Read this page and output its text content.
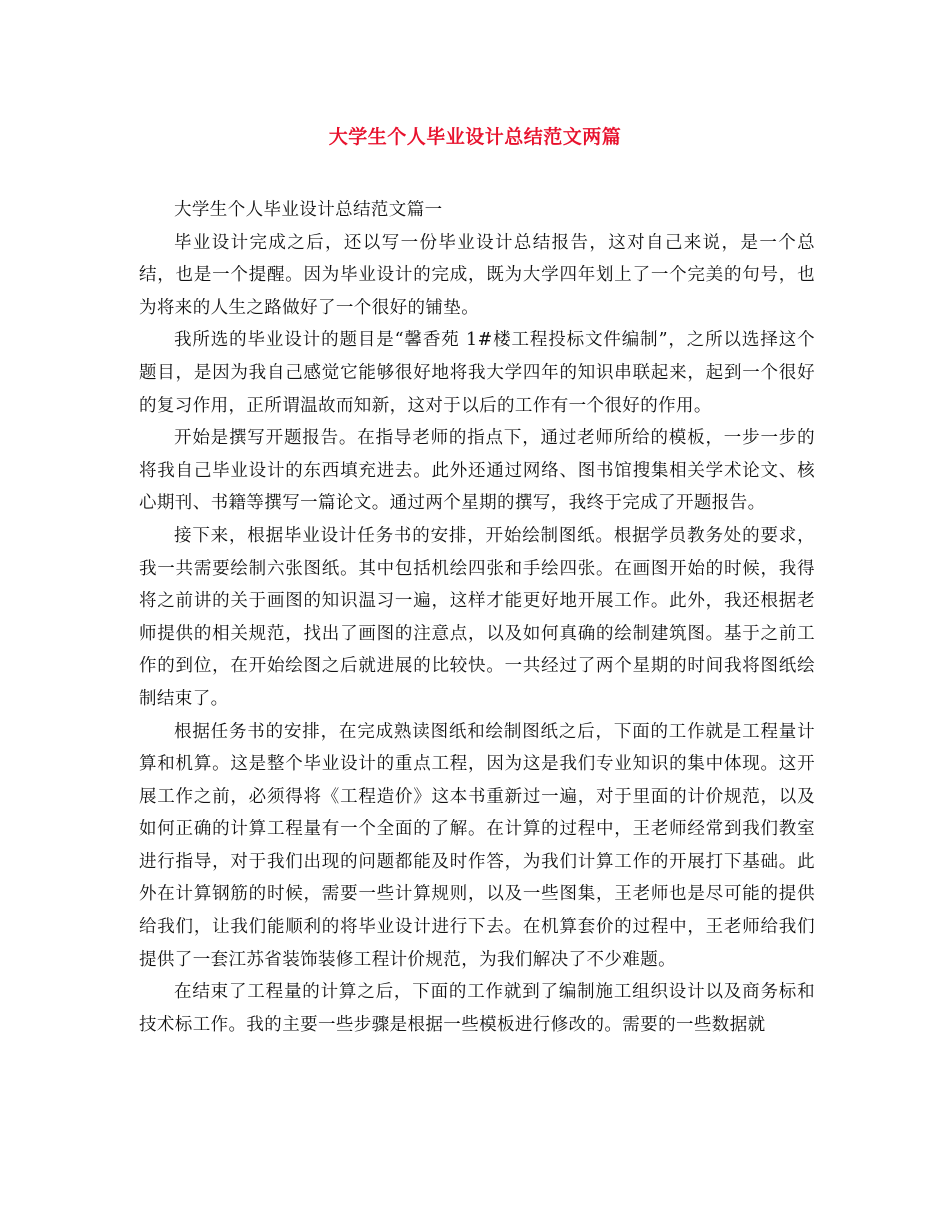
大学生个人毕业设计总结范文两篇

大学生个人毕业设计总结范文篇一

毕业设计完成之后，还以写一份毕业设计总结报告，这对自己来说，是一个总结，也是一个提醒。因为毕业设计的完成，既为大学四年划上了一个完美的句号，也为将来的人生之路做好了一个很好的铺垫。

我所选的毕业设计的题目是“馨香苑 1#楼工程投标文件编制”，之所以选择这个题目，是因为我自己感觉它能够很好地将我大学四年的知识串联起来，起到一个很好的复习作用，正所谓温故而知新，这对于以后的工作有一个很好的作用。

开始是撰写开题报告。在指导老师的指点下，通过老师所给的模板，一步一步的将我自己毕业设计的东西填充进去。此外还通过网络、图书馆搜集相关学术论文、核心期刊、书籍等撰写一篇论文。通过两个星期的撰写，我终于完成了开题报告。

接下来，根据毕业设计任务书的安排，开始绘制图纸。根据学员教务处的要求，我一共需要绘制六张图纸。其中包括机绘四张和手绘四张。在画图开始的时候，我得将之前讲的关于画图的知识温习一遍，这样才能更好地开展工作。此外，我还根据老师提供的相关规范，找出了画图的注意点，以及如何真确的绘制建筑图。基于之前工作的到位，在开始绘图之后就进展的比较快。一共经过了两个星期的时间我将图纸绘制结束了。

根据任务书的安排，在完成熟读图纸和绘制图纸之后，下面的工作就是工程量计算和机算。这是整个毕业设计的重点工程，因为这是我们专业知识的集中体现。这开展工作之前，必须得将《工程造价》这本书重新过一遍，对于里面的计价规范，以及如何正确的计算工程量有一个全面的了解。在计算的过程中，王老师经常到我们教室进行指导，对于我们出现的问题都能及时作答，为我们计算工作的开展打下基础。此外在计算钢筋的时候，需要一些计算规则，以及一些图集，王老师也是尽可能的提供给我们，让我们能顺利的将毕业设计进行下去。在机算套价的过程中，王老师给我们提供了一套江苏省装饰装修工程计价规范，为我们解决了不少难题。

在结束了工程量的计算之后，下面的工作就到了编制施工组织设计以及商务标和技术标工作。我的主要一些步骤是根据一些模板进行修改的。需要的一些数据就
